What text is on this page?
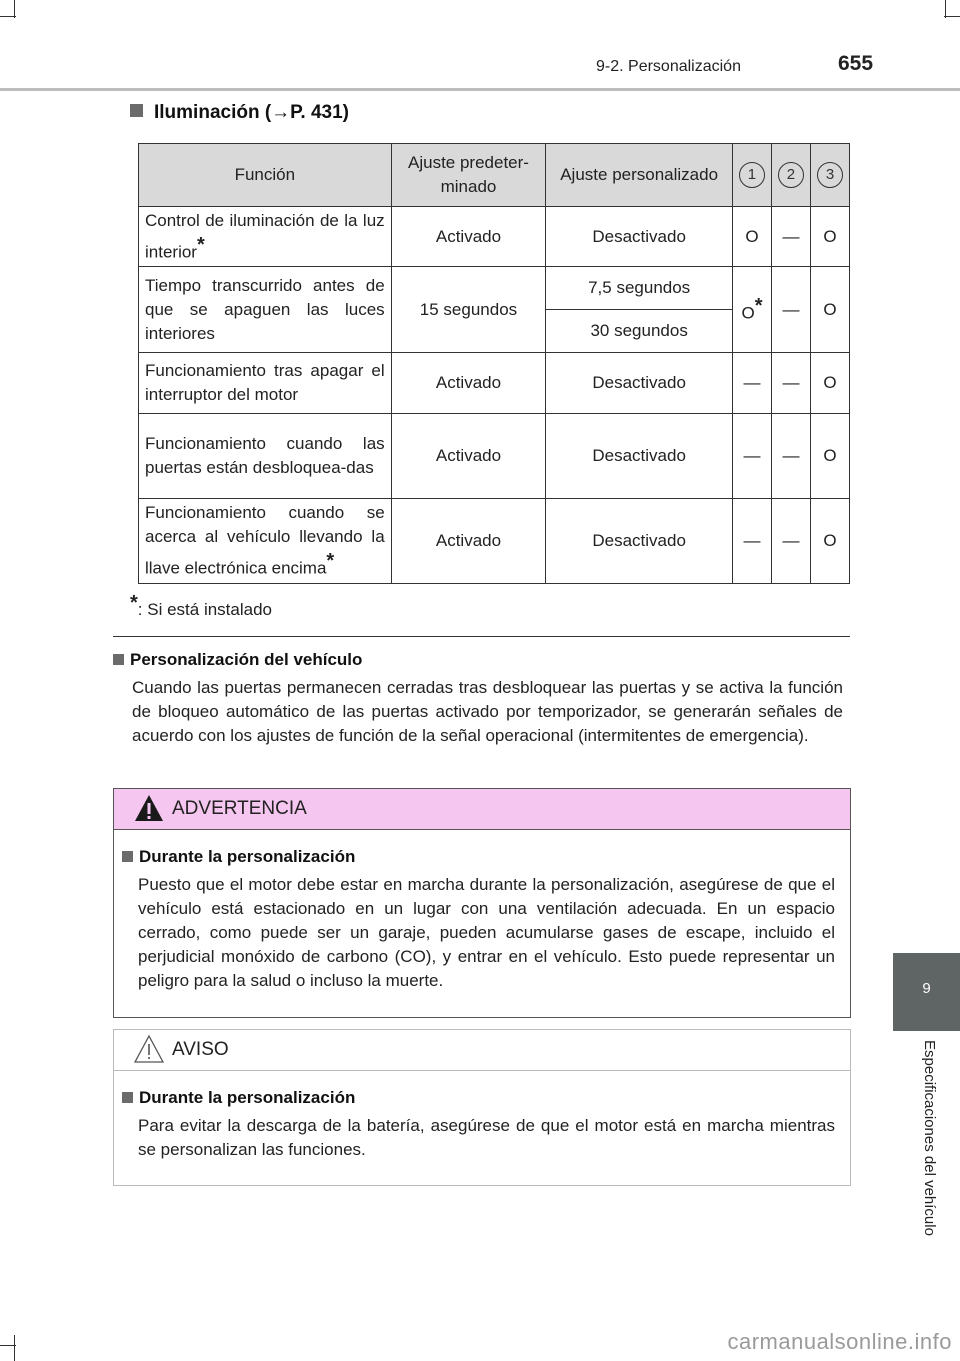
9-2. Personalización	655
9
Especificaciones del vehículo
Iluminación (→P. 431)
Función	Ajuste predeter-minado	Ajuste personalizado	1	2	3
Control de iluminación de la luz interior*	Activado	Desactivado	O	—	O
Tiempo transcurrido antes de que se apaguen las luces interiores	15 segundos	7,5 segundos	O*	—	O
		30 segundos			
Funcionamiento tras apagar el interruptor del motor	Activado	Desactivado	—	—	O
Funcionamiento cuando las puertas están desbloquea-das	Activado	Desactivado	—	—	O
Funcionamiento cuando se acerca al vehículo llevando la llave electrónica encima*	Activado	Desactivado	—	—	O
*: Si está instalado
Personalización del vehículo
Cuando las puertas permanecen cerradas tras desbloquear las puertas y se activa la función de bloqueo automático de las puertas activado por temporizador, se generarán señales de acuerdo con los ajustes de función de la señal operacional (intermitentes de emergencia).
ADVERTENCIA
Durante la personalización
Puesto que el motor debe estar en marcha durante la personalización, asegúrese de que el vehículo está estacionado en un lugar con una ventilación adecuada. En un espacio cerrado, como puede ser un garaje, pueden acumularse gases de escape, incluido el perjudicial monóxido de carbono (CO), y entrar en el vehículo. Esto puede representar un peligro para la salud o incluso la muerte.
AVISO
Durante la personalización
Para evitar la descarga de la batería, asegúrese de que el motor está en marcha mientras se personalizan las funciones.
carmanualsonline.info
